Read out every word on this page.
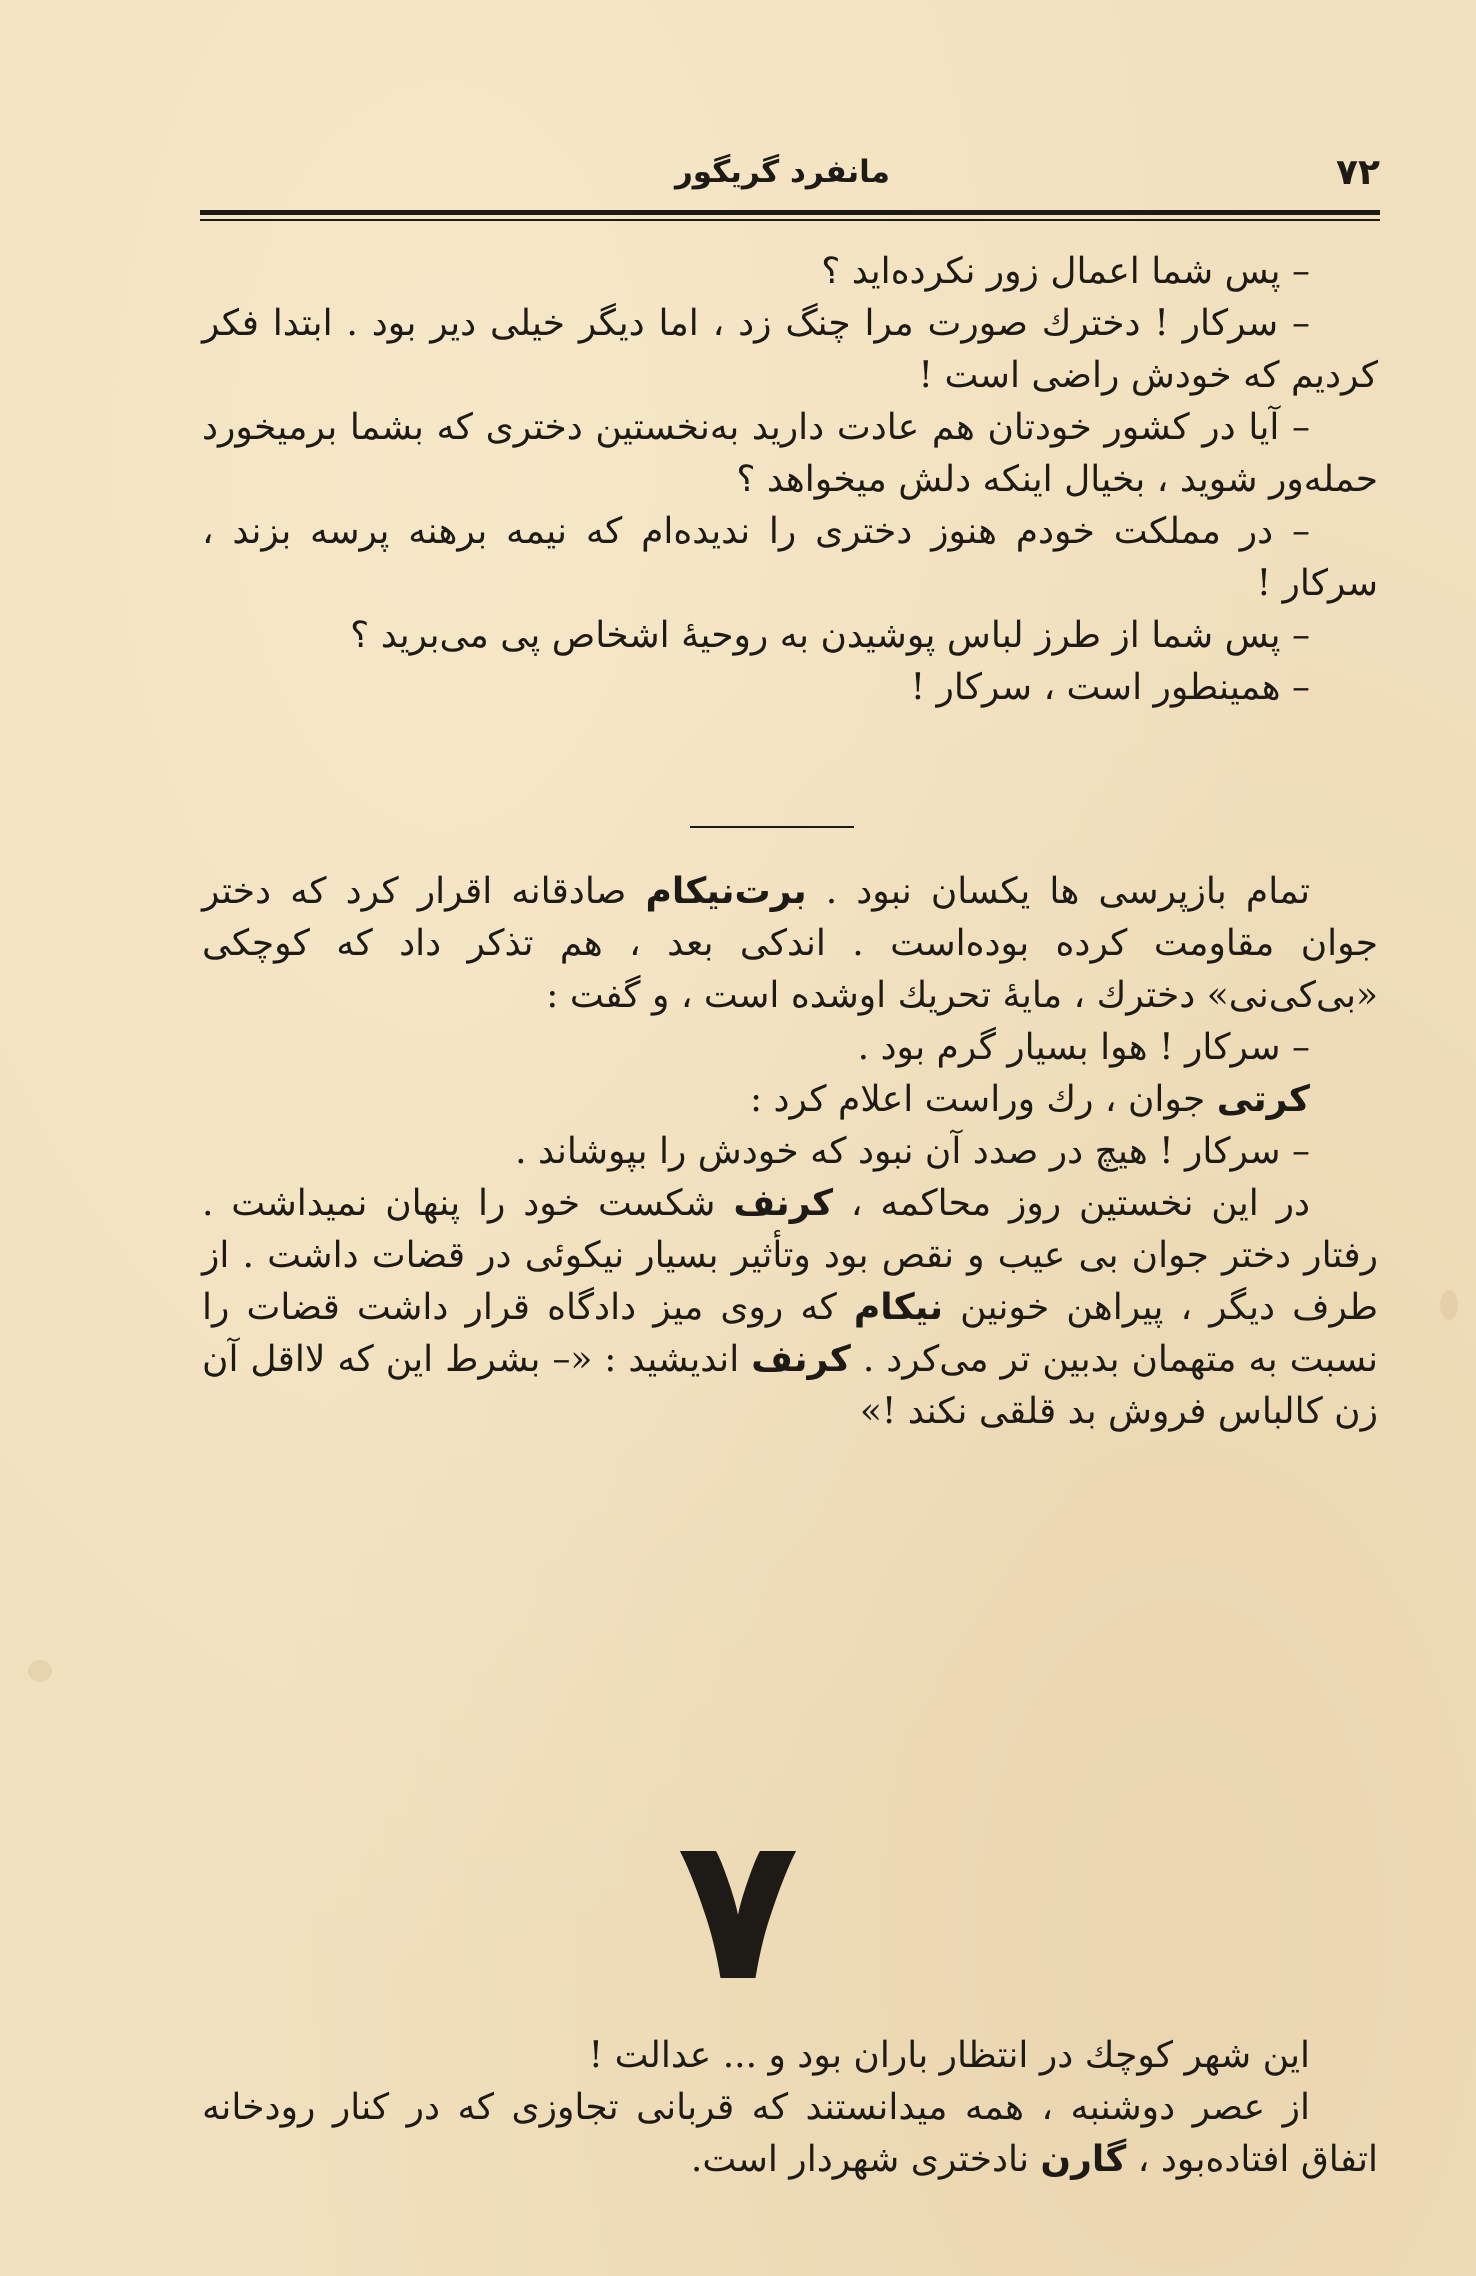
۷۲
مانفرد گریگور

– پس شما اعمال زور نکرده‌اید ؟

– سرکار ! دخترك صورت مرا چنگ زد ، اما دیگر خیلی دیر بود . ابتدا فکر کردیم که خودش راضی است !

– آیا در کشور خودتان هم عادت دارید به‌نخستین دختری که بشما برمیخورد حمله‌ور شوید ، بخیال اینکه دلش میخواهد ؟

– در مملکت خودم هنوز دختری را ندیده‌ام که نیمه برهنه پرسه بزند ، سرکار !

– پس شما از طرز لباس پوشیدن به روحیهٔ اشخاص پی می‌برید ؟

– همینطور است ، سرکار !

تمام بازپرسی ها یکسان نبود . برت‌نیکام صادقانه اقرار کرد که دختر جوان مقاومت کرده بوده‌است . اندکی بعد ، هم تذکر داد که کوچکی «بی‌کی‌نی» دخترك ، مایهٔ تحریك اوشده است ، و گفت :

– سرکار ! هوا بسیار گرم بود .

کرتی جوان ، رك وراست اعلام کرد :

– سرکار ! هیچ در صدد آن نبود که خودش را بپوشاند .

در این نخستین روز محاکمه ، کرنف شکست خود را پنهان نمیداشت . رفتار دختر جوان بی عیب و نقص بود وتأثیر بسیار نیکوئی در قضات داشت . از طرف دیگر ، پیراهن خونین نیکام که روی میز دادگاه قرار داشت قضات را نسبت به متهمان بدبین تر می‌کرد . کرنف اندیشید : «– بشرط این که لااقل آن زن کالباس فروش بد قلقی نکند !»

۷

این شهر کوچك در انتظار باران بود و ... عدالت !

از عصر دوشنبه ، همه میدانستند که قربانی تجاوزی که در کنار رودخانه اتفاق افتاده‌بود ، گارن نادختری شهردار است.
